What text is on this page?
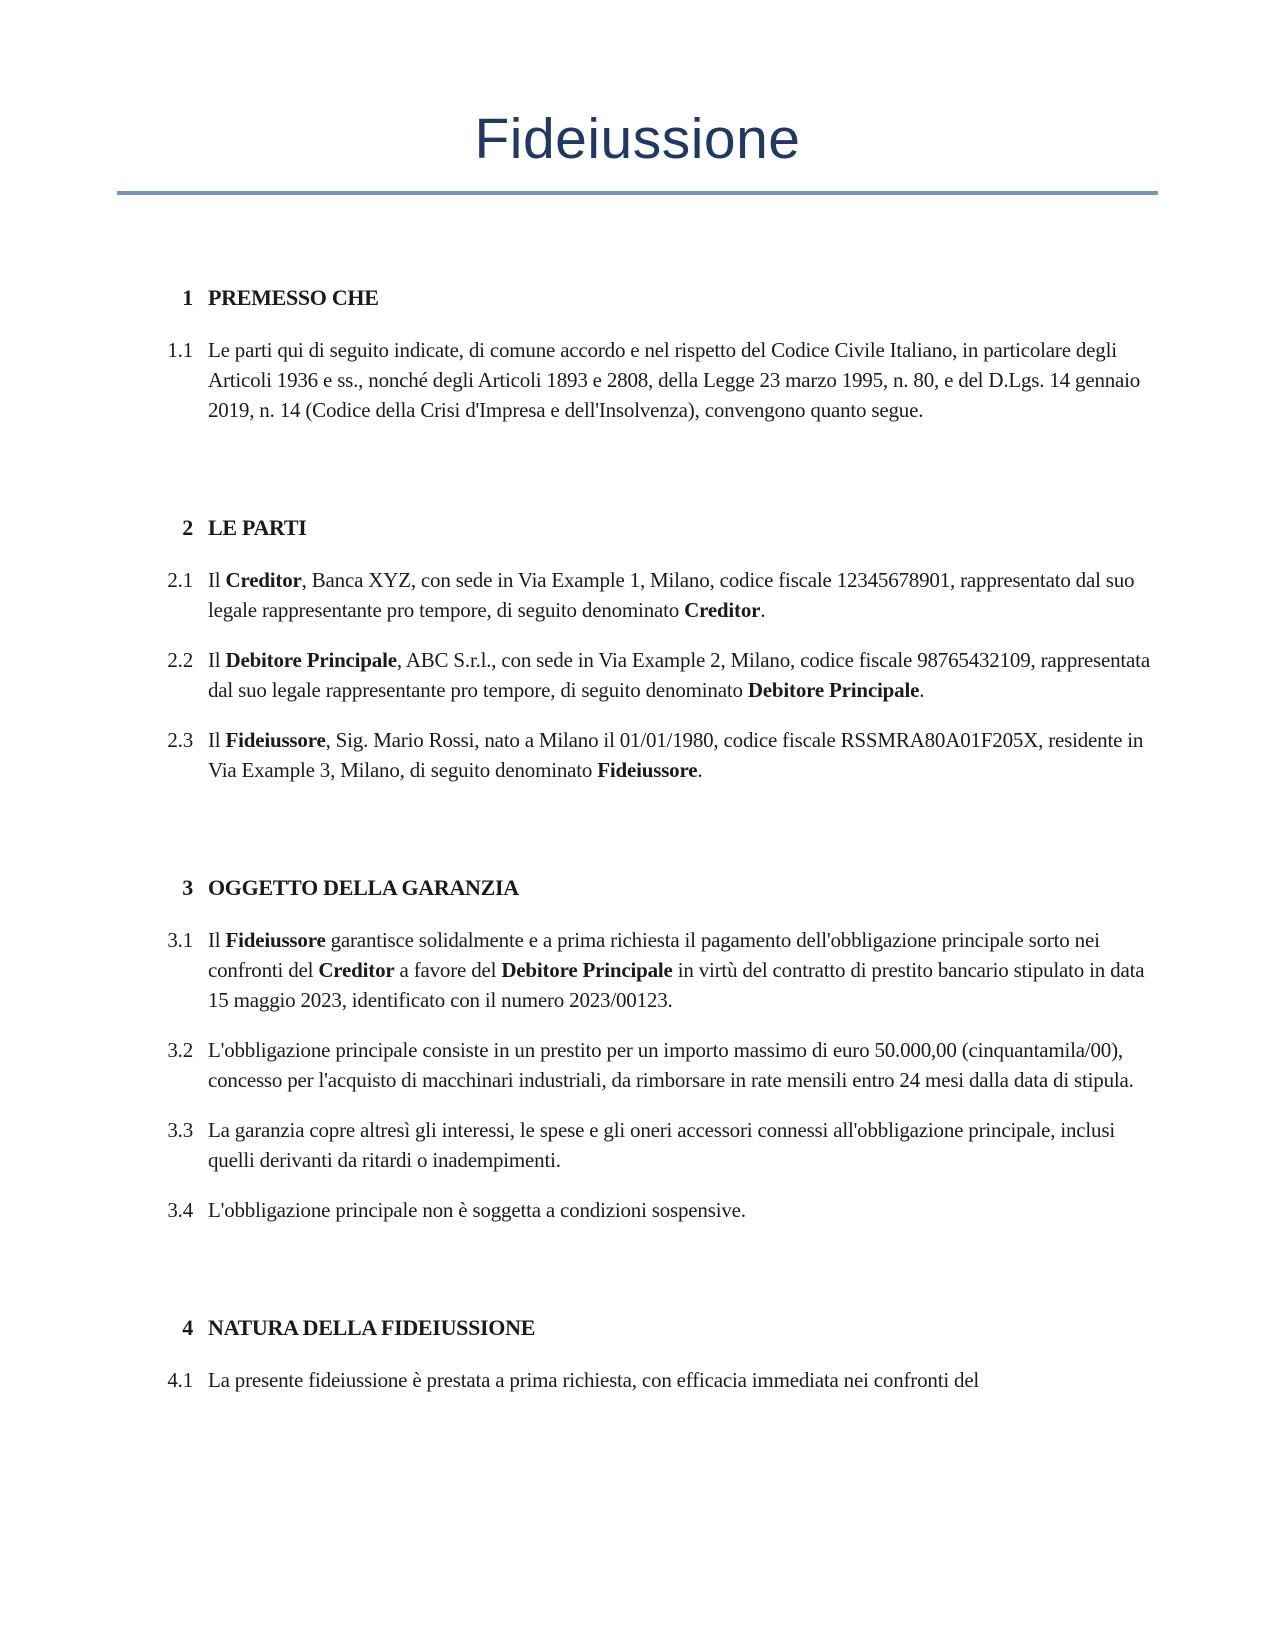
Fideiussione
1 PREMESSO CHE
1.1 Le parti qui di seguito indicate, di comune accordo e nel rispetto del Codice Civile Italiano, in particolare degli Articoli 1936 e ss., nonché degli Articoli 1893 e 2808, della Legge 23 marzo 1995, n. 80, e del D.Lgs. 14 gennaio 2019, n. 14 (Codice della Crisi d'Impresa e dell'Insolvenza), convengono quanto segue.

2 LE PARTI
2.1 Il Creditor, Banca XYZ, con sede in Via Example 1, Milano, codice fiscale 12345678901, rappresentato dal suo legale rappresentante pro tempore, di seguito denominato Creditor.

2.2 Il Debitore Principale, ABC S.r.l., con sede in Via Example 2, Milano, codice fiscale 98765432109, rappresentata dal suo legale rappresentante pro tempore, di seguito denominato Debitore Principale.

2.3 Il Fideiussore, Sig. Mario Rossi, nato a Milano il 01/01/1980, codice fiscale RSSMRA80A01F205X, residente in Via Example 3, Milano, di seguito denominato Fideiussore.

3 OGGETTO DELLA GARANZIA
3.1 Il Fideiussore garantisce solidalmente e a prima richiesta il pagamento dell'obbligazione principale sorto nei confronti del Creditor a favore del Debitore Principale in virtù del contratto di prestito bancario stipulato in data 15 maggio 2023, identificato con il numero 2023/00123.

3.2 L'obbligazione principale consiste in un prestito per un importo massimo di euro 50.000,00 (cinquantamila/00), concesso per l'acquisto di macchinari industriali, da rimborsare in rate mensili entro 24 mesi dalla data di stipula.

3.3 La garanzia copre altresì gli interessi, le spese e gli oneri accessori connessi all'obbligazione principale, inclusi quelli derivanti da ritardi o inadempimenti.

3.4 L'obbligazione principale non è soggetta a condizioni sospensive.

4 NATURA DELLA FIDEIUSSIONE
4.1 La presente fideiussione è prestata a prima richiesta, con efficacia immediata nei confronti del
